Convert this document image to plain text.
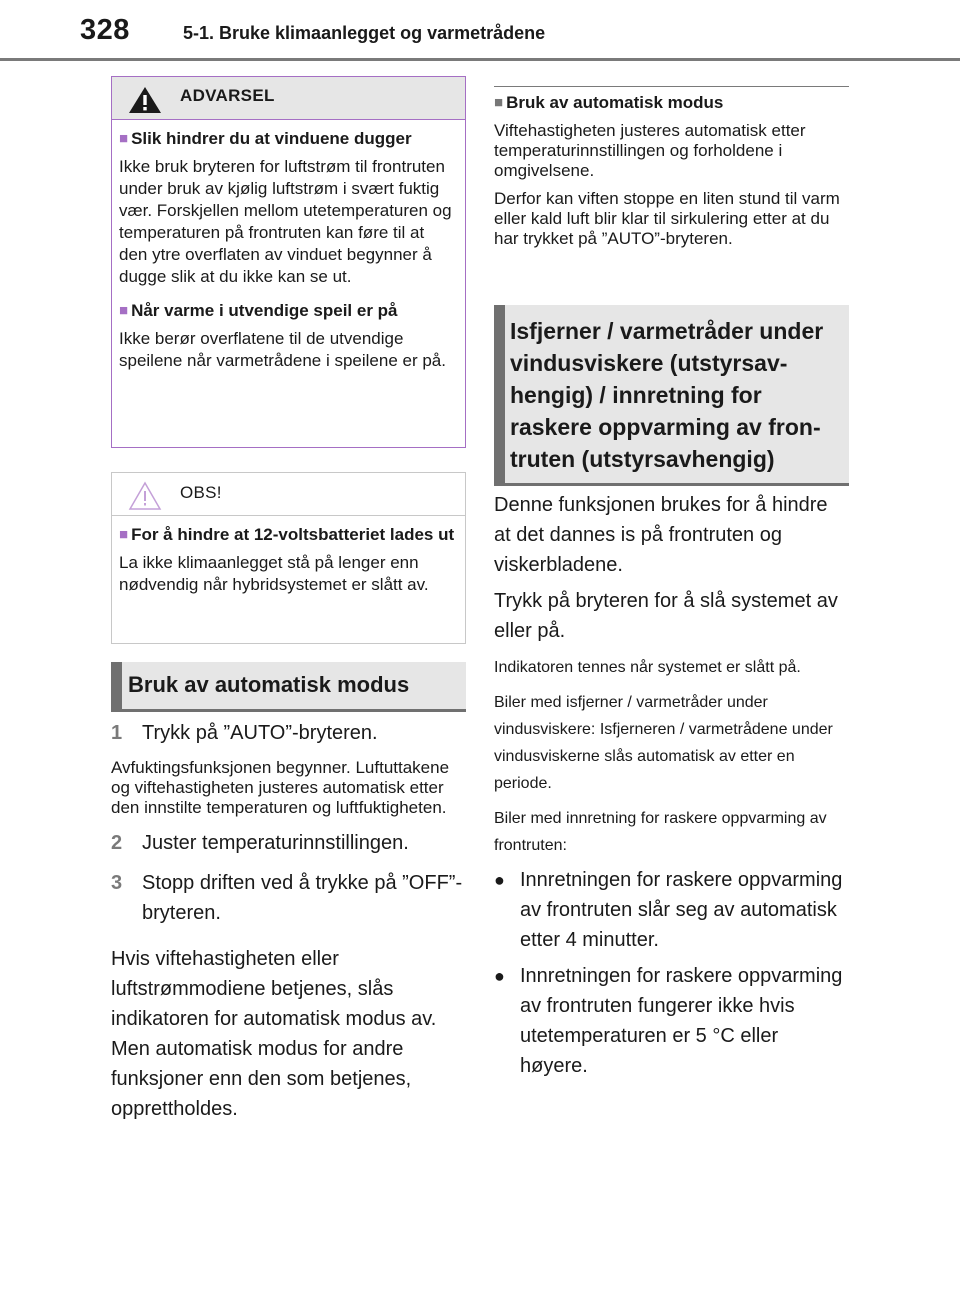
328	5-1. Bruke klimaanlegget og varmetrådene
ADVARSEL
■ Slik hindrer du at vinduene dugger

Ikke bruk bryteren for luftstrøm til frontruten under bruk av kjølig luftstrøm i svært fuktig vær. Forskjellen mellom utetemperaturen og temperaturen på frontruten kan føre til at den ytre overflaten av vinduet begynner å dugge slik at du ikke kan se ut.

■ Når varme i utvendige speil er på

Ikke berør overflatene til de utvendige speilene når varmetrådene i speilene er på.

OBS!
■ For å hindre at 12-voltsbatteriet lades ut

La ikke klimaanlegget stå på lenger enn nødvendig når hybridsystemet er slått av.

Bruk av automatisk modus
1 Trykk på ”AUTO”-bryteren.

Avfuktingsfunksjonen begynner. Luftuttakene og viftehastigheten justeres automatisk etter den innstilte temperaturen og luftfuktigheten.

2 Juster temperaturinnstillingen.
3 Stopp driften ved å trykke på ”OFF”-bryteren.

Hvis viftehastigheten eller luftstrømmodiene betjenes, slås indikatoren for automatisk modus av. Men automatisk modus for andre funksjoner enn den som betjenes, opprettholdes.

■ Bruk av automatisk modus

Viftehastigheten justeres automatisk etter temperaturinnstillingen og forholdene i omgivelsene.

Derfor kan viften stoppe en liten stund til varm eller kald luft blir klar til sirkulering etter at du har trykket på ”AUTO”-bryteren.

Isfjerner / varmetråder under vindusviskere (utstyrsavhengig) / innretning for raskere oppvarming av frontruten (utstyrsavhengig)

Denne funksjonen brukes for å hindre at det dannes is på frontruten og viskerbladene.

Trykk på bryteren for å slå systemet av eller på.

Indikatoren tennes når systemet er slått på.

Biler med isfjerner / varmetråder under vindusviskere: Isfjerneren / varmetrådene under vindusviskerne slås automatisk av etter en periode.

Biler med innretning for raskere oppvarming av frontruten:

● Innretningen for raskere oppvarming av frontruten slår seg av automatisk etter 4 minutter.
● Innretningen for raskere oppvarming av frontruten fungerer ikke hvis utetemperaturen er 5 °C eller høyere.
